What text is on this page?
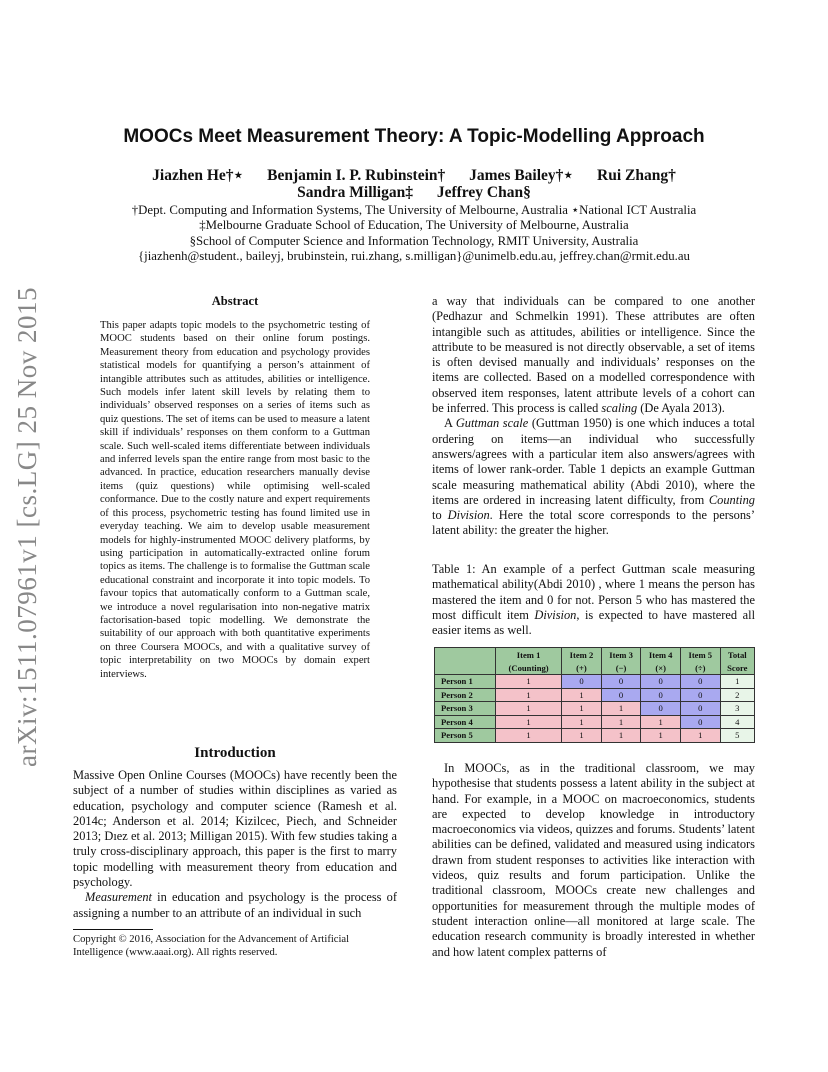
arXiv:1511.07961v1 [cs.LG] 25 Nov 2015
MOOCs Meet Measurement Theory: A Topic-Modelling Approach
Jiazhen He†⋆ Benjamin I. P. Rubinstein† James Bailey†⋆ Rui Zhang†
Sandra Milligan‡ Jeffrey Chan§
†Dept. Computing and Information Systems, The University of Melbourne, Australia ⋆National ICT Australia
‡Melbourne Graduate School of Education, The University of Melbourne, Australia
§School of Computer Science and Information Technology, RMIT University, Australia
{jiazhenh@student., baileyj, brubinstein, rui.zhang, s.milligan}@unimelb.edu.au, jeffrey.chan@rmit.edu.au
Abstract
This paper adapts topic models to the psychometric testing of MOOC students based on their online forum postings. Measurement theory from education and psychology provides statistical models for quantifying a person’s attainment of intangible attributes such as attitudes, abilities or intelligence. Such models infer latent skill levels by relating them to individuals’ observed responses on a series of items such as quiz questions. The set of items can be used to measure a latent skill if individuals’ responses on them conform to a Guttman scale. Such well-scaled items differentiate between individuals and inferred levels span the entire range from most basic to the advanced. In practice, education researchers manually devise items (quiz questions) while optimising well-scaled conformance. Due to the costly nature and expert requirements of this process, psychometric testing has found limited use in everyday teaching. We aim to develop usable measurement models for highly-instrumented MOOC delivery platforms, by using participation in automatically-extracted online forum topics as items. The challenge is to formalise the Guttman scale educational constraint and incorporate it into topic models. To favour topics that automatically conform to a Guttman scale, we introduce a novel regularisation into non-negative matrix factorisation-based topic modelling. We demonstrate the suitability of our approach with both quantitative experiments on three Coursera MOOCs, and with a qualitative survey of topic interpretability on two MOOCs by domain expert interviews.
Introduction

Massive Open Online Courses (MOOCs) have recently been the subject of a number of studies within disciplines as varied as education, psychology and computer science (Ramesh et al. 2014c; Anderson et al. 2014; Kizilcec, Piech, and Schneider 2013; Dıez et al. 2013; Milligan 2015). With few studies taking a truly cross-disciplinary approach, this paper is the first to marry topic modelling with measurement theory from education and psychology.

Measurement in education and psychology is the process of assigning a number to an attribute of an individual in such

Copyright © 2016, Association for the Advancement of Artificial Intelligence (www.aaai.org). All rights reserved.

a way that individuals can be compared to one another (Pedhazur and Schmelkin 1991). These attributes are often intangible such as attitudes, abilities or intelligence. Since the attribute to be measured is not directly observable, a set of items is often devised manually and individuals’ responses on the items are collected. Based on a modelled correspondence with observed item responses, latent attribute levels of a cohort can be inferred. This process is called scaling (De Ayala 2013).

A Guttman scale (Guttman 1950) is one which induces a total ordering on items—an individual who successfully answers/agrees with a particular item also answers/agrees with items of lower rank-order. Table 1 depicts an example Guttman scale measuring mathematical ability (Abdi 2010), where the items are ordered in increasing latent difficulty, from Counting to Division. Here the total score corresponds to the persons’ latent ability: the greater the higher.

Table 1: An example of a perfect Guttman scale measuring mathematical ability(Abdi 2010) , where 1 means the person has mastered the item and 0 for not. Person 5 who has mastered the most difficult item Division, is expected to have mastered all easier items as well.
	Item 1	Item 2	Item 3	Item 4	Item 5	Total
	(Counting)	(+)	(−)	(×)	(÷)	Score
Person 1	1	0	0	0	0	1
Person 2	1	1	0	0	0	2
Person 3	1	1	1	0	0	3
Person 4	1	1	1	1	0	4
Person 5	1	1	1	1	1	5

In MOOCs, as in the traditional classroom, we may hypothesise that students possess a latent ability in the subject at hand. For example, in a MOOC on macroeconomics, students are expected to develop knowledge in introductory macroeconomics via videos, quizzes and forums. Students’ latent abilities can be defined, validated and measured using indicators drawn from student responses to activities like interaction with videos, quiz results and forum participation. Unlike the traditional classroom, MOOCs create new challenges and opportunities for measurement through the multiple modes of student interaction online—all monitored at large scale. The education research community is broadly interested in whether and how latent complex patterns of
